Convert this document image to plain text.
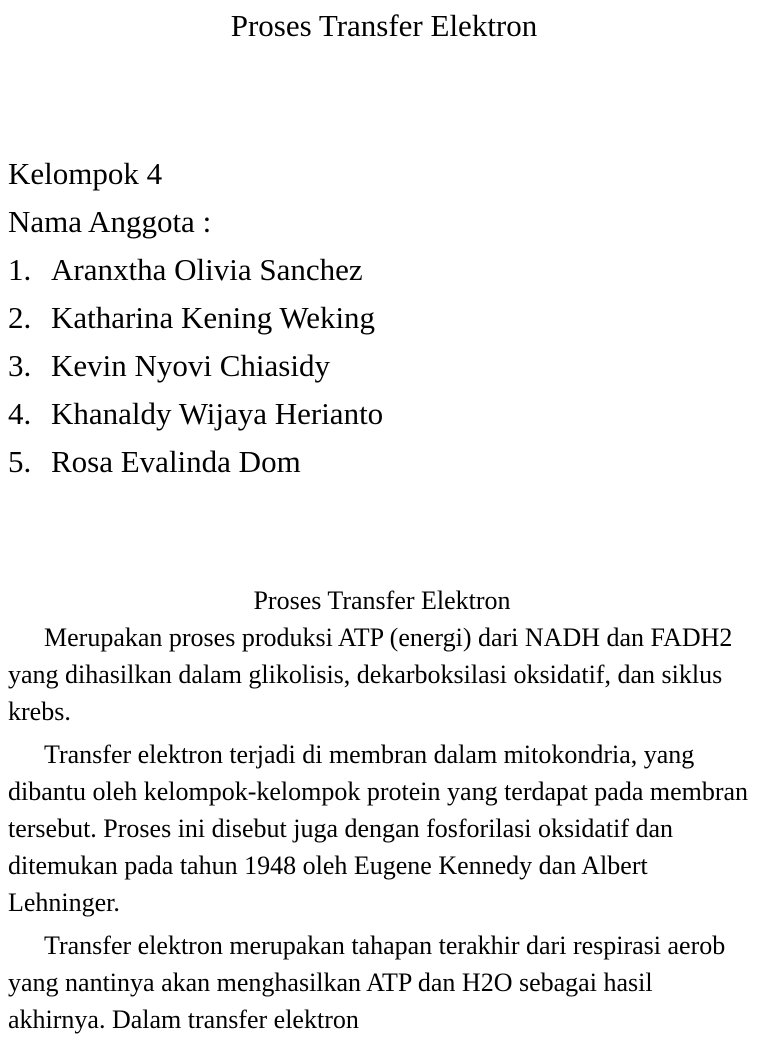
Proses Transfer Elektron
Kelompok 4
Nama Anggota :
1. Aranxtha Olivia Sanchez
2. Katharina Kening Weking
3. Kevin Nyovi Chiasidy
4. Khanaldy Wijaya Herianto
5. Rosa Evalinda Dom
Proses Transfer Elektron

Merupakan proses produksi ATP (energi) dari NADH dan FADH2 yang dihasilkan dalam glikolisis, dekarboksilasi oksidatif, dan siklus krebs.

Transfer elektron terjadi di membran dalam mitokondria, yang dibantu oleh kelompok-kelompok protein yang terdapat pada membran tersebut. Proses ini disebut juga dengan fosforilasi oksidatif dan ditemukan pada tahun 1948 oleh Eugene Kennedy dan Albert Lehninger.

Transfer elektron merupakan tahapan terakhir dari respirasi aerob yang nantinya akan menghasilkan ATP dan H2O sebagai hasil akhirnya. Dalam transfer elektron
